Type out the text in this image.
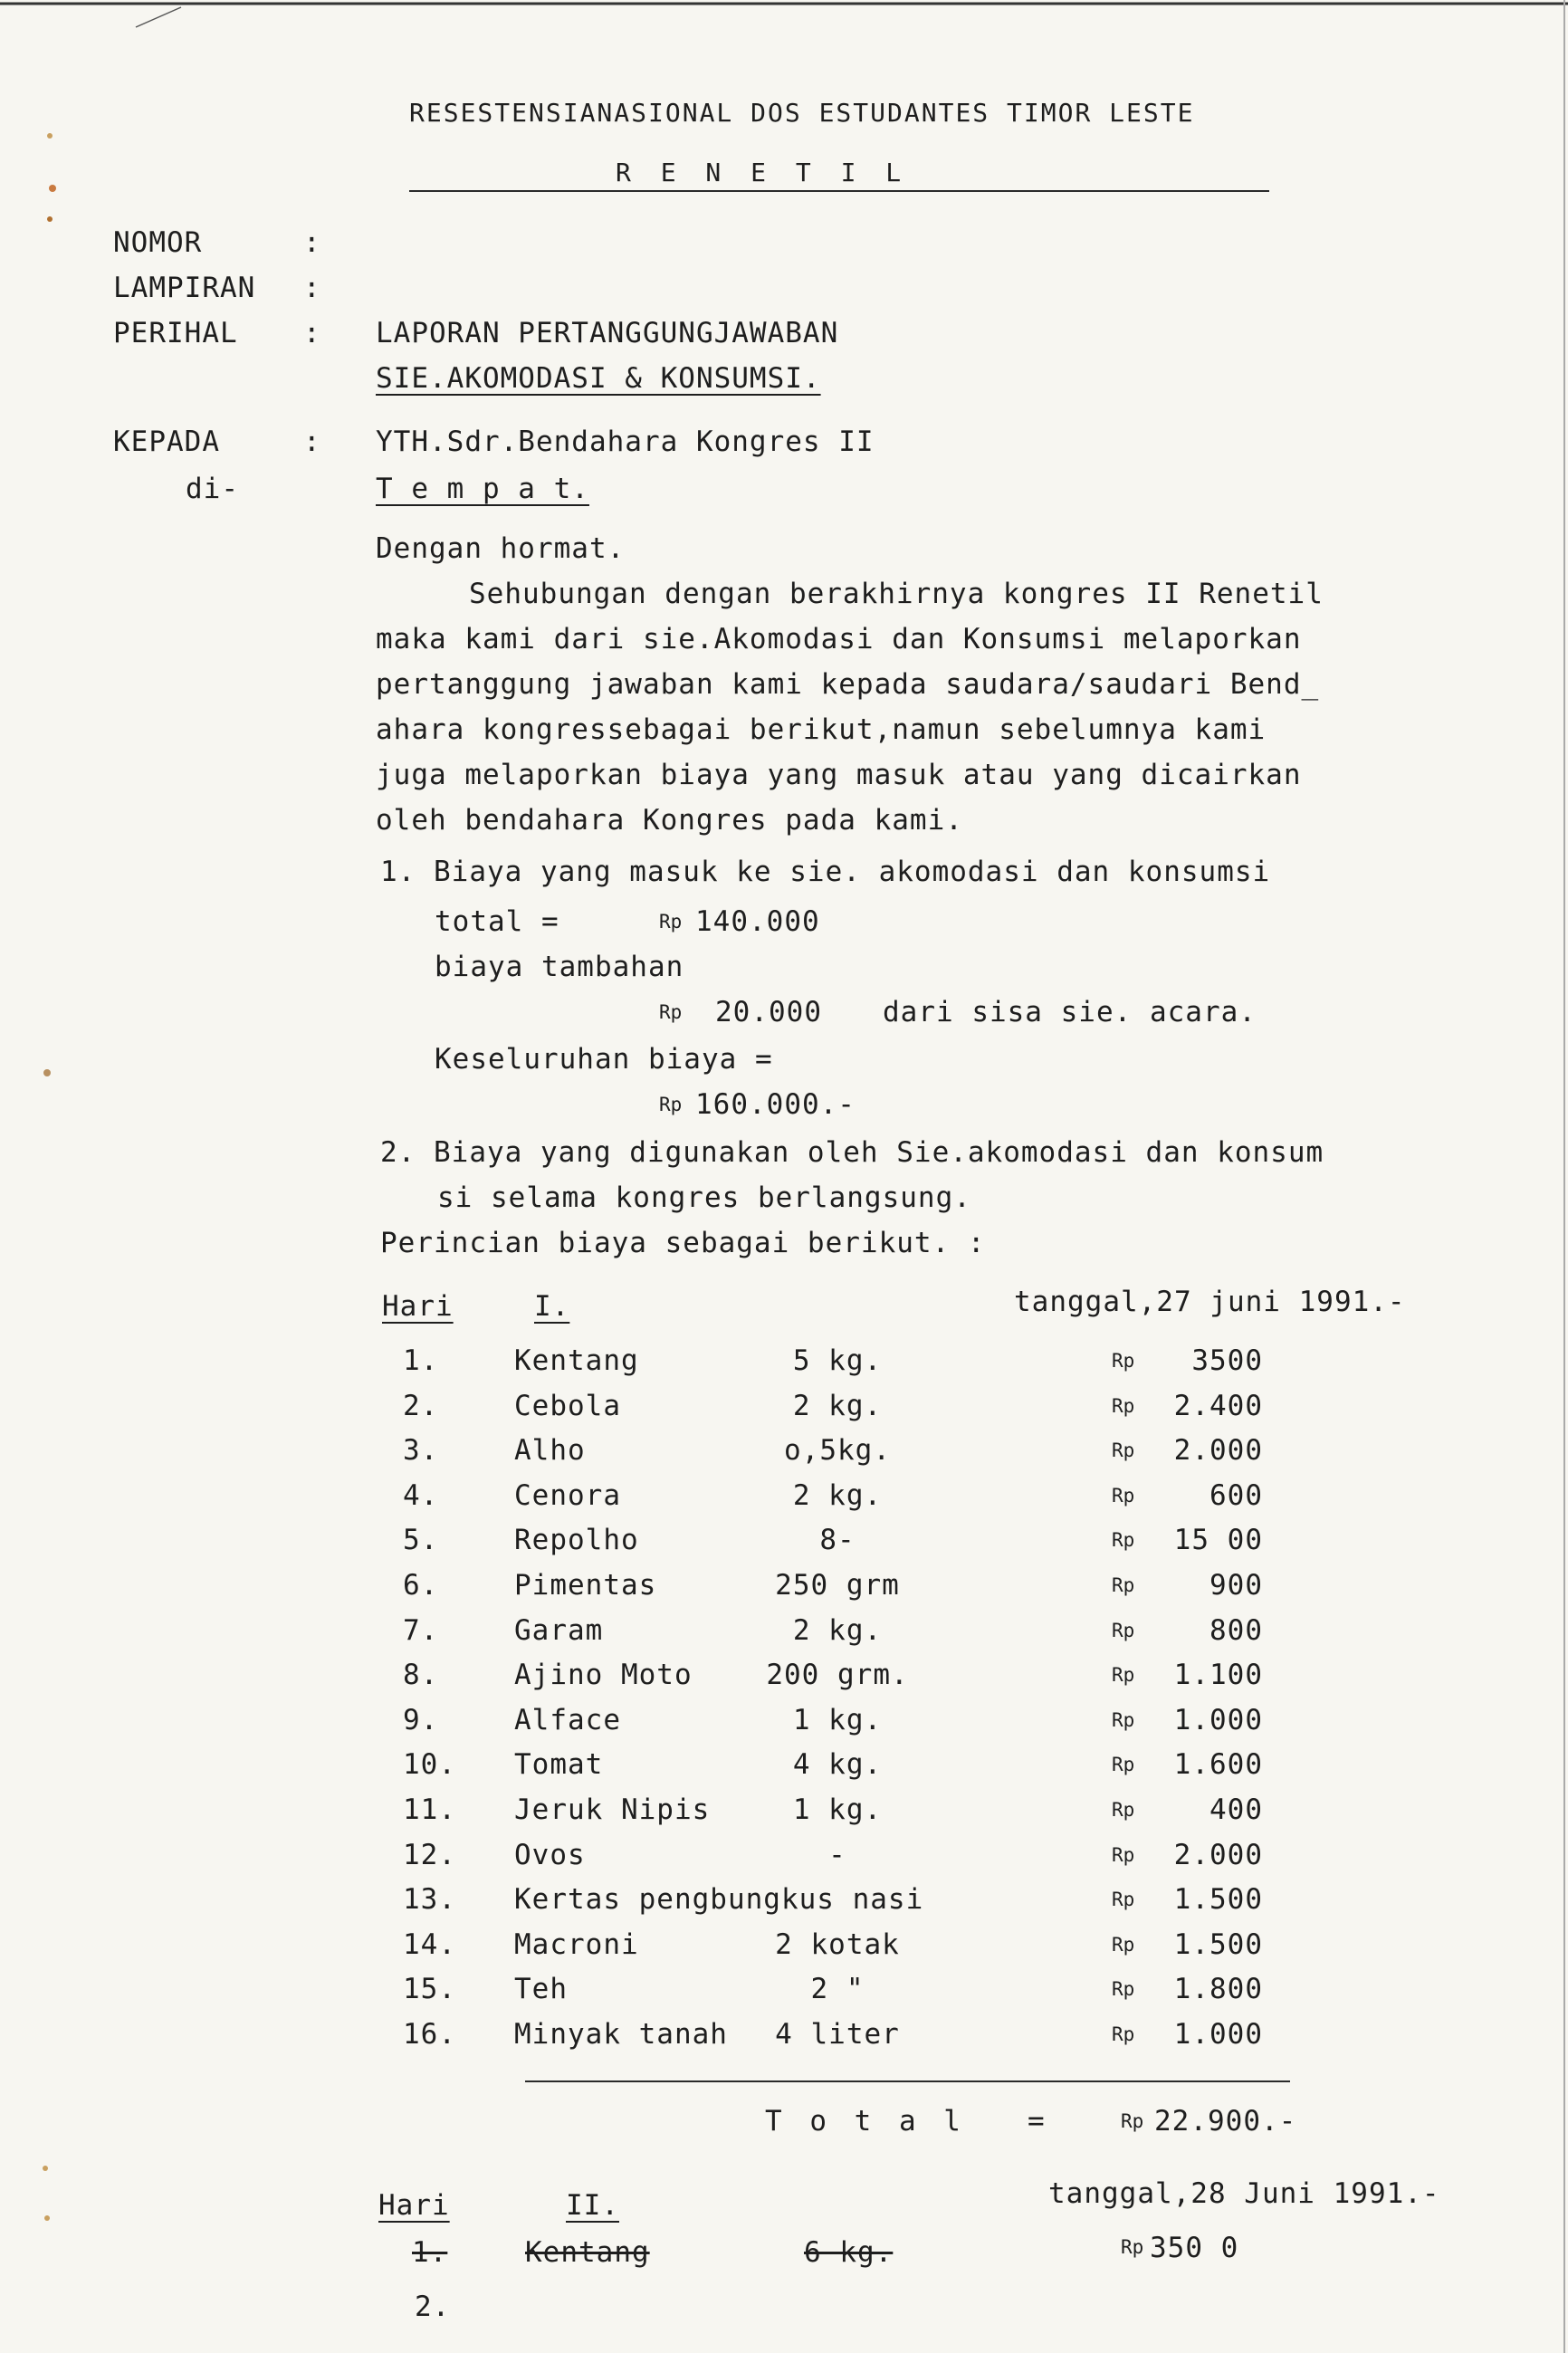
RESESTENSIANASIONAL DOS ESTUDANTES TIMOR LESTE
R E N E T I L
NOMOR	:
LAMPIRAN :
PERIHAL : LAPORAN PERTANGGUNGJAWABAN
SIE.AKOMODASI & KONSUMSI.
KEPADA	: YTH.Sdr.Bendahara Kongres II
di-	T e m p a t.
Dengan hormat.
Sehubungan dengan berakhirnya kongres II Renetil
maka kami dari sie.Akomodasi dan Konsumsi melaporkan
pertanggung jawaban kami kepada saudara/saudari Bend_
ahara kongressebagai berikut,namun sebelumnya kami
juga melaporkan biaya yang masuk atau yang dicairkan
oleh bendahara Kongres pada kami.
1. Biaya yang masuk ke sie. akomodasi dan konsumsi
total =	Rp 140.000
biaya tambahan
Rp 20.000 dari sisa sie. acara.
Keseluruhan biaya =
Rp 160.000.-
2. Biaya yang digunakan oleh Sie.akomodasi dan konsum
si selama kongres berlangsung.
Perincian biaya sebagai berikut. :
Hari	I.	tanggal,27 juni 1991.-
1.	Kentang	5 kg.	Rp	3500
2.	Cebola	2 kg.	Rp	2.400
3.	Alho	o,5kg.	Rp	2.000
4.	Cenora	2 kg.	Rp	600
5.	Repolho	8-	Rp	15 00
6.	Pimentas	250 grm	Rp	900
7.	Garam	2 kg.	Rp	800
8.	Ajino Moto	200 grm.	Rp	1.100
9.	Alface	1 kg.	Rp	1.000
10. Tomat	4 kg.	Rp	1.600
11. Jeruk Nipis	1 kg.	Rp	400
12. Ovos	-	Rp	2.000
13. Kertas pengbungkus nasi	Rp	1.500
14. Macroni	2 kotak	Rp	1.500
15. Teh	2 "	Rp	1.800
16. Minyak tanah	4 liter	Rp	1.000
T o t a l =	Rp 22.900.-
Hari	II.	tanggal,28 Juni 1991.-
1.	Kentang	6 kg.	Rp 350 0
2.
